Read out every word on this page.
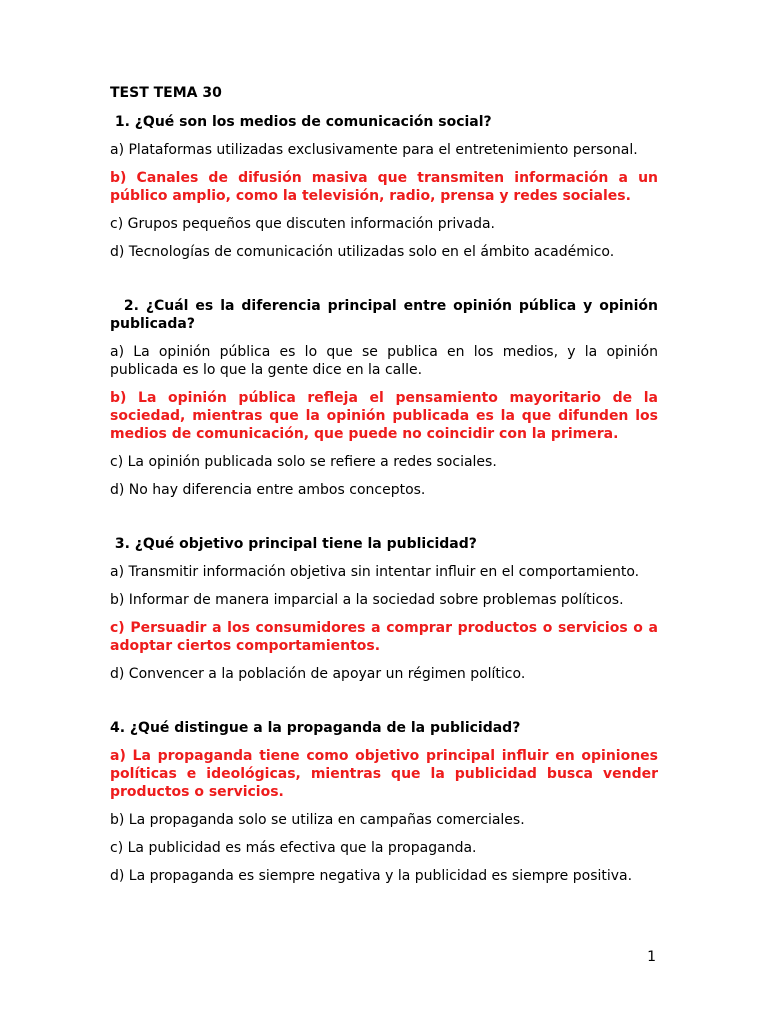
TEST TEMA 30
1. ¿Qué son los medios de comunicación social?
a) Plataformas utilizadas exclusivamente para el entretenimiento personal.
b) Canales de difusión masiva que transmiten información a un público amplio, como la televisión, radio, prensa y redes sociales.
c) Grupos pequeños que discuten información privada.
d) Tecnologías de comunicación utilizadas solo en el ámbito académico.
2. ¿Cuál es la diferencia principal entre opinión pública y opinión publicada?
a) La opinión pública es lo que se publica en los medios, y la opinión publicada es lo que la gente dice en la calle.
b) La opinión pública refleja el pensamiento mayoritario de la sociedad, mientras que la opinión publicada es la que difunden los medios de comunicación, que puede no coincidir con la primera.
c) La opinión publicada solo se refiere a redes sociales.
d) No hay diferencia entre ambos conceptos.
3. ¿Qué objetivo principal tiene la publicidad?
a) Transmitir información objetiva sin intentar influir en el comportamiento.
b) Informar de manera imparcial a la sociedad sobre problemas políticos.
c) Persuadir a los consumidores a comprar productos o servicios o a adoptar ciertos comportamientos.
d) Convencer a la población de apoyar un régimen político.
4. ¿Qué distingue a la propaganda de la publicidad?
a) La propaganda tiene como objetivo principal influir en opiniones políticas e ideológicas, mientras que la publicidad busca vender productos o servicios.
b) La propaganda solo se utiliza en campañas comerciales.
c) La publicidad es más efectiva que la propaganda.
d) La propaganda es siempre negativa y la publicidad es siempre positiva.
1
